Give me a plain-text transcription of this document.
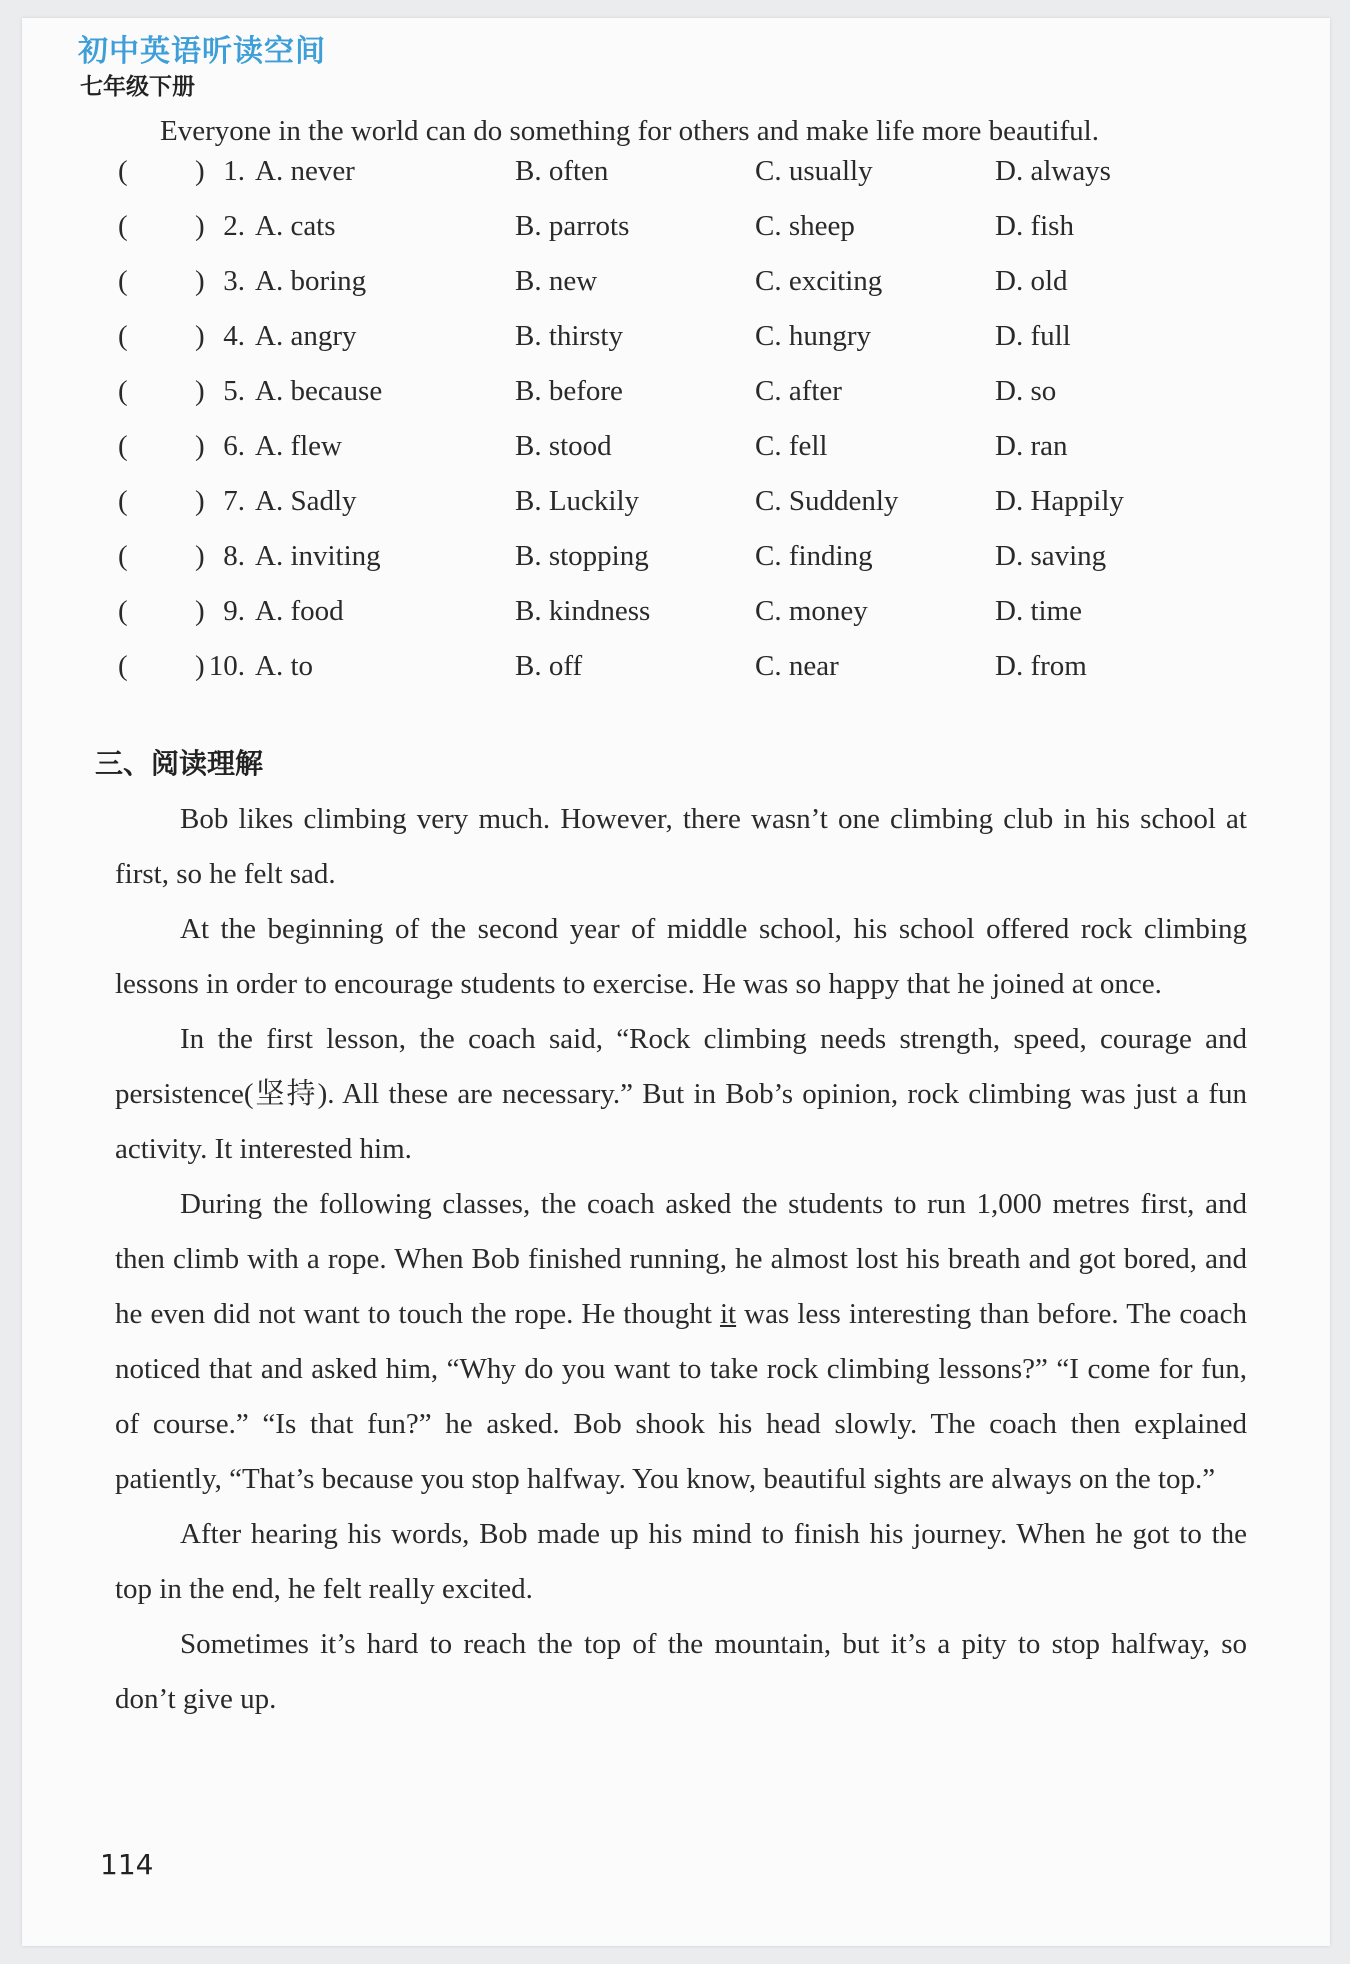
初中英语听读空间
七年级下册
Everyone in the world can do something for others and make life more beautiful.
( ) 1. A. never	B. often	C. usually	D. always
( ) 2. A. cats	B. parrots	C. sheep	D. fish
( ) 3. A. boring	B. new	C. exciting	D. old
( ) 4. A. angry	B. thirsty	C. hungry	D. full
( ) 5. A. because	B. before	C. after	D. so
( ) 6. A. flew	B. stood	C. fell	D. ran
( ) 7. A. Sadly	B. Luckily	C. Suddenly	D. Happily
( ) 8. A. inviting	B. stopping	C. finding	D. saving
( ) 9. A. food	B. kindness	C. money	D. time
( ) 10. A. to	B. off	C. near	D. from
三、阅读理解

Bob likes climbing very much. However, there wasn’t one climbing club in his school at first, so he felt sad.

At the beginning of the second year of middle school, his school offered rock climbing lessons in order to encourage students to exercise. He was so happy that he joined at once.

In the first lesson, the coach said, “Rock climbing needs strength, speed, courage and persistence(坚持). All these are necessary.” But in Bob’s opinion, rock climbing was just a fun activity. It interested him.

During the following classes, the coach asked the students to run 1,000 metres first, and then climb with a rope. When Bob finished running, he almost lost his breath and got bored, and he even did not want to touch the rope. He thought it was less interesting than before. The coach noticed that and asked him, “Why do you want to take rock climbing lessons?” “I come for fun, of course.” “Is that fun?” he asked. Bob shook his head slowly. The coach then explained patiently, “That’s because you stop halfway. You know, beautiful sights are always on the top.”

After hearing his words, Bob made up his mind to finish his journey. When he got to the top in the end, he felt really excited.

Sometimes it’s hard to reach the top of the mountain, but it’s a pity to stop halfway, so don’t give up.

114
